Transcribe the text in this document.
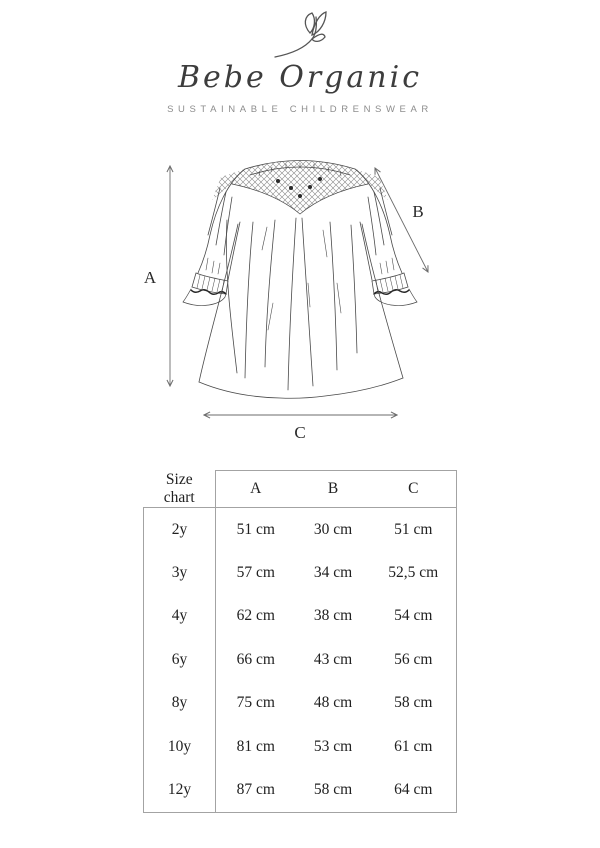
Bebe Organic
SUSTAINABLE CHILDRENSWEAR
A
B
C
Size chart	A	B	C
2y	51 cm	30 cm	51 cm
3y	57 cm	34 cm	52,5 cm
4y	62 cm	38 cm	54 cm
6y	66 cm	43 cm	56 cm
8y	75 cm	48 cm	58 cm
10y	81 cm	53 cm	61 cm
12y	87 cm	58 cm	64 cm
